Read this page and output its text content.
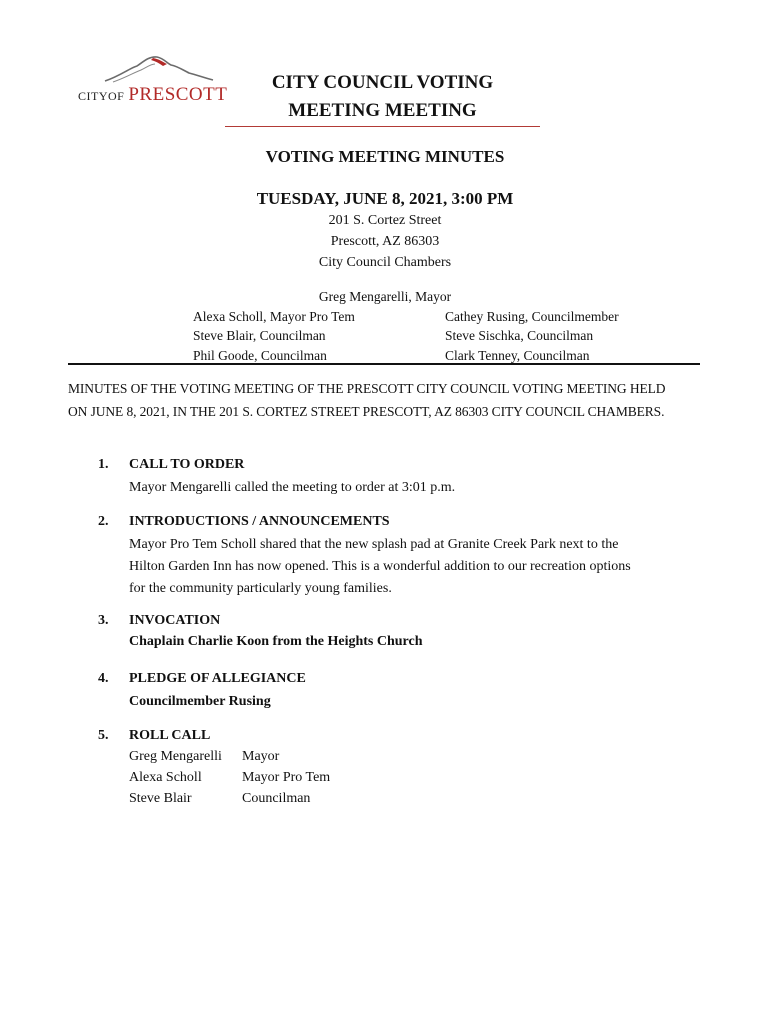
CITYOF PRESCOTT
CITY COUNCIL VOTING
MEETING MEETING
VOTING MEETING MINUTES
TUESDAY, JUNE 8, 2021, 3:00 PM
201 S. Cortez Street
Prescott, AZ 86303
City Council Chambers
Greg Mengarelli, Mayor
Alexa Scholl, Mayor Pro Tem
Steve Blair, Councilman
Phil Goode, Councilman
Cathey Rusing, Councilmember
Steve Sischka, Councilman
Clark Tenney, Councilman
MINUTES OF THE VOTING MEETING OF THE PRESCOTT CITY COUNCIL VOTING MEETING HELD
ON JUNE 8, 2021, IN THE 201 S. CORTEZ STREET PRESCOTT, AZ 86303 CITY COUNCIL CHAMBERS.
1. CALL TO ORDER
Mayor Mengarelli called the meeting to order at 3:01 p.m.
2. INTRODUCTIONS / ANNOUNCEMENTS
Mayor Pro Tem Scholl shared that the new splash pad at Granite Creek Park next to the
Hilton Garden Inn has now opened. This is a wonderful addition to our recreation options
for the community particularly young families.
3. INVOCATION
Chaplain Charlie Koon from the Heights Church
4. PLEDGE OF ALLEGIANCE
Councilmember Rusing
5. ROLL CALL
Greg Mengarelli Mayor
Alexa Scholl	Mayor Pro Tem
Steve Blair	Councilman
